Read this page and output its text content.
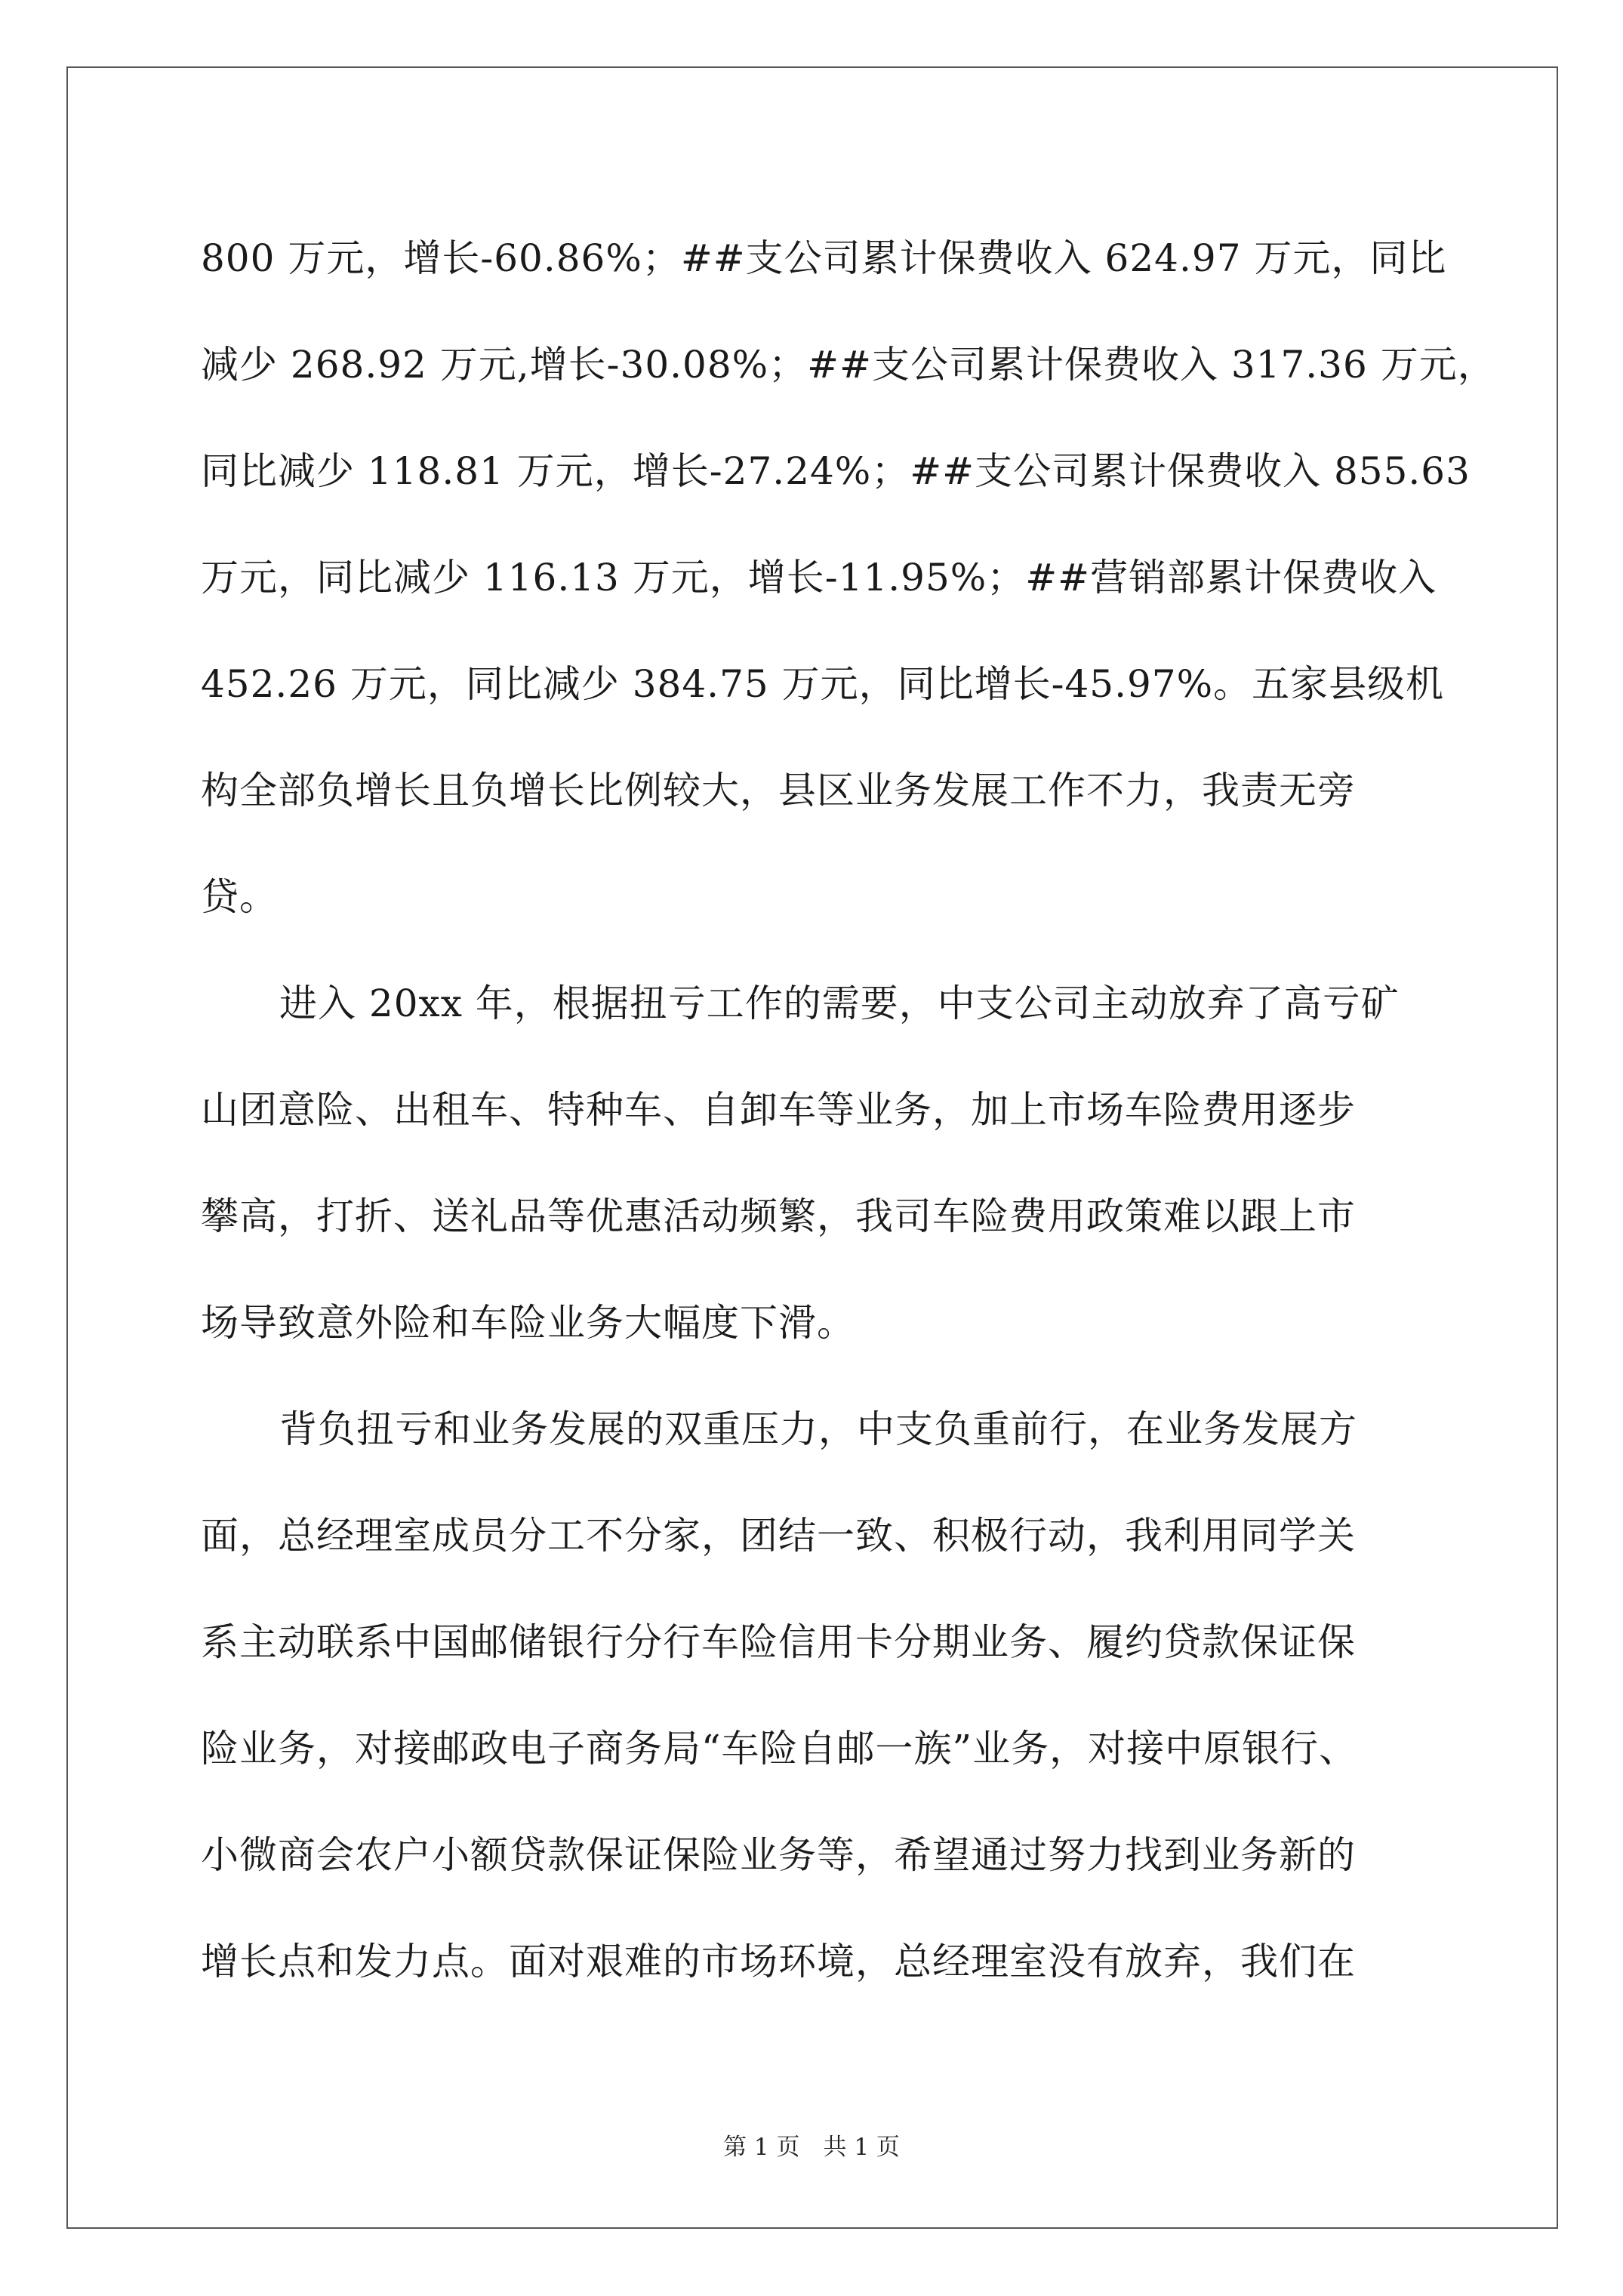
800 万元，增长-60.86%；##支公司累计保费收入 624.97 万元，同比
减少 268.92 万元,增长-30.08%；##支公司累计保费收入 317.36 万元，
同比减少 118.81 万元，增长-27.24%；##支公司累计保费收入 855.63
万元，同比减少 116.13 万元，增长-11.95%；##营销部累计保费收入
452.26 万元，同比减少 384.75 万元，同比增长-45.97%。五家县级机
构全部负增长且负增长比例较大，县区业务发展工作不力，我责无旁
贷。
进入 20xx 年，根据扭亏工作的需要，中支公司主动放弃了高亏矿
山团意险、出租车、特种车、自卸车等业务，加上市场车险费用逐步
攀高，打折、送礼品等优惠活动频繁，我司车险费用政策难以跟上市
场导致意外险和车险业务大幅度下滑。
背负扭亏和业务发展的双重压力，中支负重前行，在业务发展方
面，总经理室成员分工不分家，团结一致、积极行动，我利用同学关
系主动联系中国邮储银行分行车险信用卡分期业务、履约贷款保证保
险业务，对接邮政电子商务局“车险自邮一族”业务，对接中原银行、
小微商会农户小额贷款保证保险业务等，希望通过努力找到业务新的
增长点和发力点。面对艰难的市场环境，总经理室没有放弃，我们在
第 1 页　共 1 页
